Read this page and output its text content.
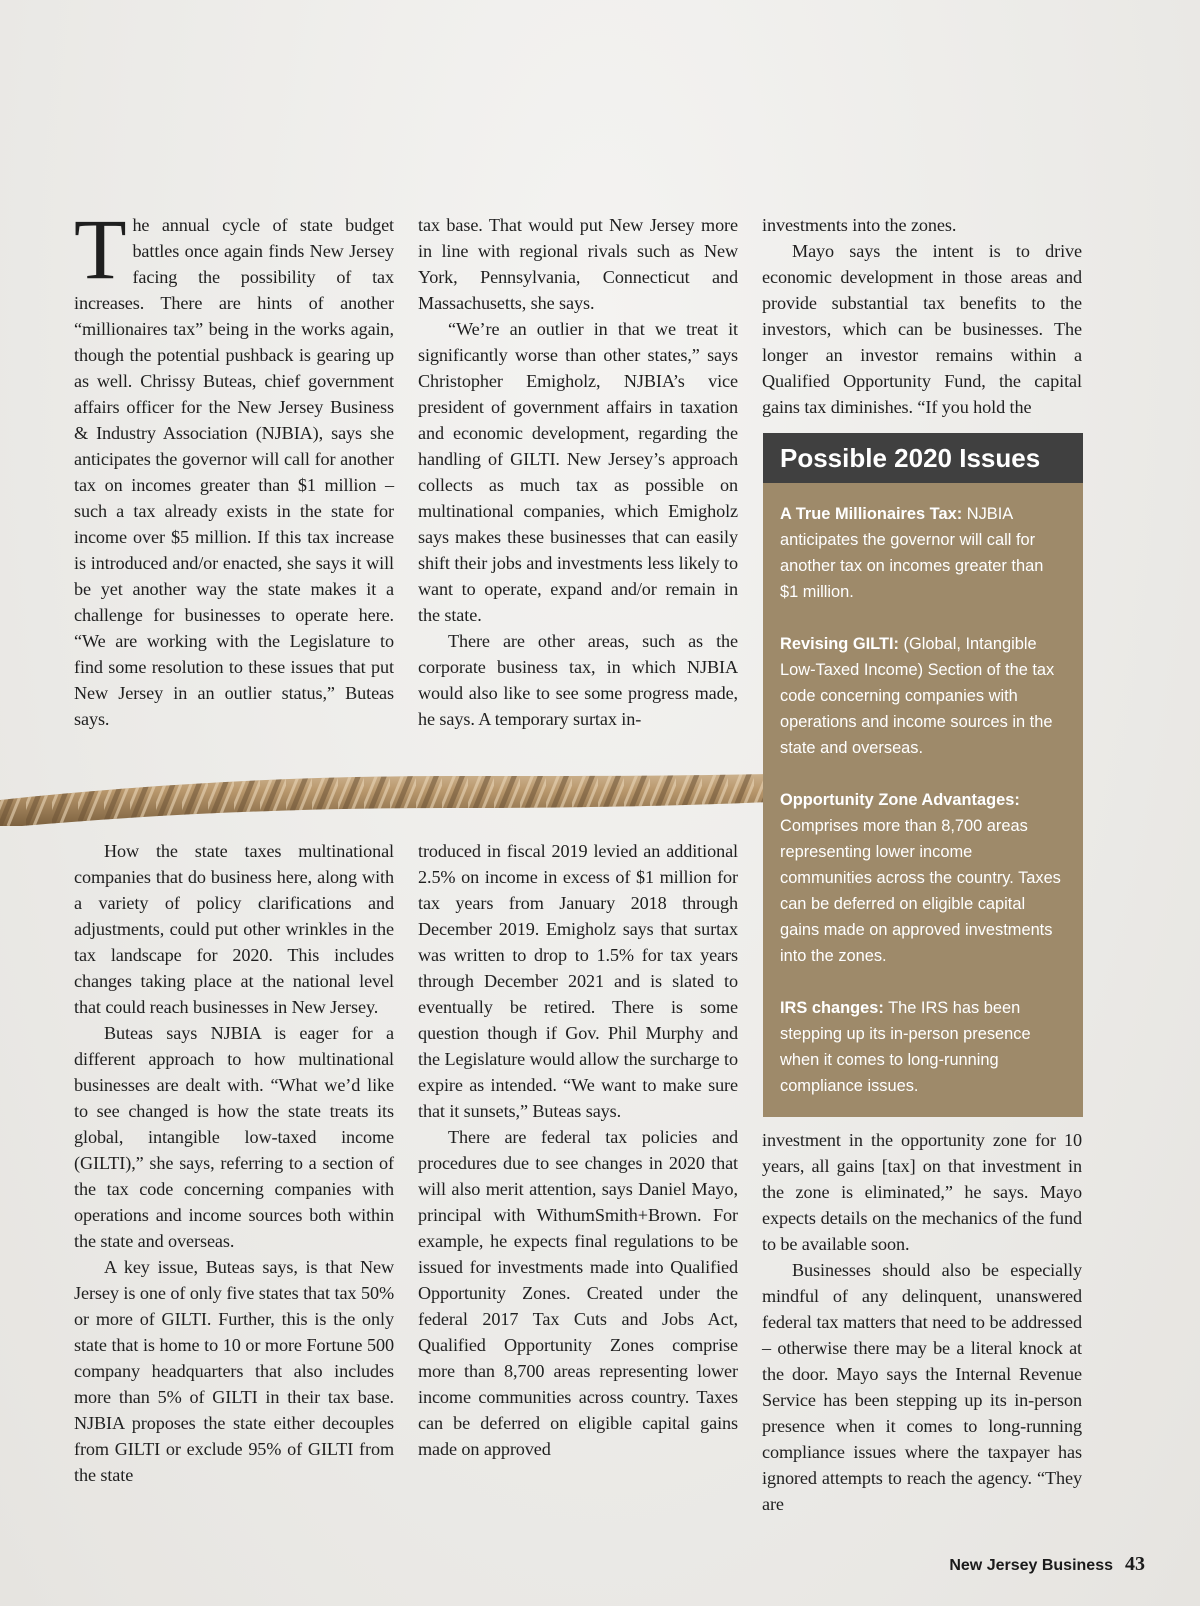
The annual cycle of state budget battles once again finds New Jersey facing the possibility of tax increases. There are hints of another “millionaires tax” being in the works again, though the potential pushback is gearing up as well. Chrissy Buteas, chief government affairs officer for the New Jersey Business & Industry Association (NJBIA), says she anticipates the governor will call for another tax on incomes greater than $1 million – such a tax already exists in the state for income over $5 million. If this tax increase is introduced and/or enacted, she says it will be yet another way the state makes it a challenge for businesses to operate here. “We are working with the Legislature to find some resolution to these issues that put New Jersey in an outlier status,” Buteas says.

tax base. That would put New Jersey more in line with regional rivals such as New York, Pennsylvania, Connecticut and Massachusetts, she says.

“We’re an outlier in that we treat it significantly worse than other states,” says Christopher Emigholz, NJBIA’s vice president of government affairs in taxation and economic development, regarding the handling of GILTI. New Jersey’s approach collects as much tax as possible on multinational companies, which Emigholz says makes these businesses that can easily shift their jobs and investments less likely to want to operate, expand and/or remain in the state.

There are other areas, such as the corporate business tax, in which NJBIA would also like to see some progress made, he says. A temporary surtax in-

investments into the zones.

Mayo says the intent is to drive economic development in those areas and provide substantial tax benefits to the investors, which can be businesses. The longer an investor remains within a Qualified Opportunity Fund, the capital gains tax diminishes. “If you hold the

How the state taxes multinational companies that do business here, along with a variety of policy clarifications and adjustments, could put other wrinkles in the tax landscape for 2020. This includes changes taking place at the national level that could reach businesses in New Jersey.

Buteas says NJBIA is eager for a different approach to how multinational businesses are dealt with. “What we’d like to see changed is how the state treats its global, intangible low-taxed income (GILTI),” she says, referring to a section of the tax code concerning companies with operations and income sources both within the state and overseas.

A key issue, Buteas says, is that New Jersey is one of only five states that tax 50% or more of GILTI. Further, this is the only state that is home to 10 or more Fortune 500 company headquarters that also includes more than 5% of GILTI in their tax base. NJBIA proposes the state either decouples from GILTI or exclude 95% of GILTI from the state

troduced in fiscal 2019 levied an additional 2.5% on income in excess of $1 million for tax years from January 2018 through December 2019. Emigholz says that surtax was written to drop to 1.5% for tax years through December 2021 and is slated to eventually be retired. There is some question though if Gov. Phil Murphy and the Legislature would allow the surcharge to expire as intended. “We want to make sure that it sunsets,” Buteas says.

There are federal tax policies and procedures due to see changes in 2020 that will also merit attention, says Daniel Mayo, principal with WithumSmith+Brown. For example, he expects final regulations to be issued for investments made into Qualified Opportunity Zones. Created under the federal 2017 Tax Cuts and Jobs Act, Qualified Opportunity Zones comprise more than 8,700 areas representing lower income communities across country. Taxes can be deferred on eligible capital gains made on approved

investment in the opportunity zone for 10 years, all gains [tax] on that investment in the zone is eliminated,” he says. Mayo expects details on the mechanics of the fund to be available soon.

Businesses should also be especially mindful of any delinquent, unanswered federal tax matters that need to be addressed – otherwise there may be a literal knock at the door. Mayo says the Internal Revenue Service has been stepping up its in-person presence when it comes to long-running compliance issues where the taxpayer has ignored attempts to reach the agency. “They are

Possible 2020 Issues

A True Millionaires Tax: NJBIA anticipates the governor will call for another tax on incomes greater than $1 million.

Revising GILTI: (Global, Intangible Low-Taxed Income) Section of the tax code concerning companies with operations and income sources in the state and overseas.

Opportunity Zone Advantages: Comprises more than 8,700 areas representing lower income communities across the country. Taxes can be deferred on eligible capital gains made on approved investments into the zones.

IRS changes: The IRS has been stepping up its in-person presence when it comes to long-running compliance issues.

New Jersey Business 43
